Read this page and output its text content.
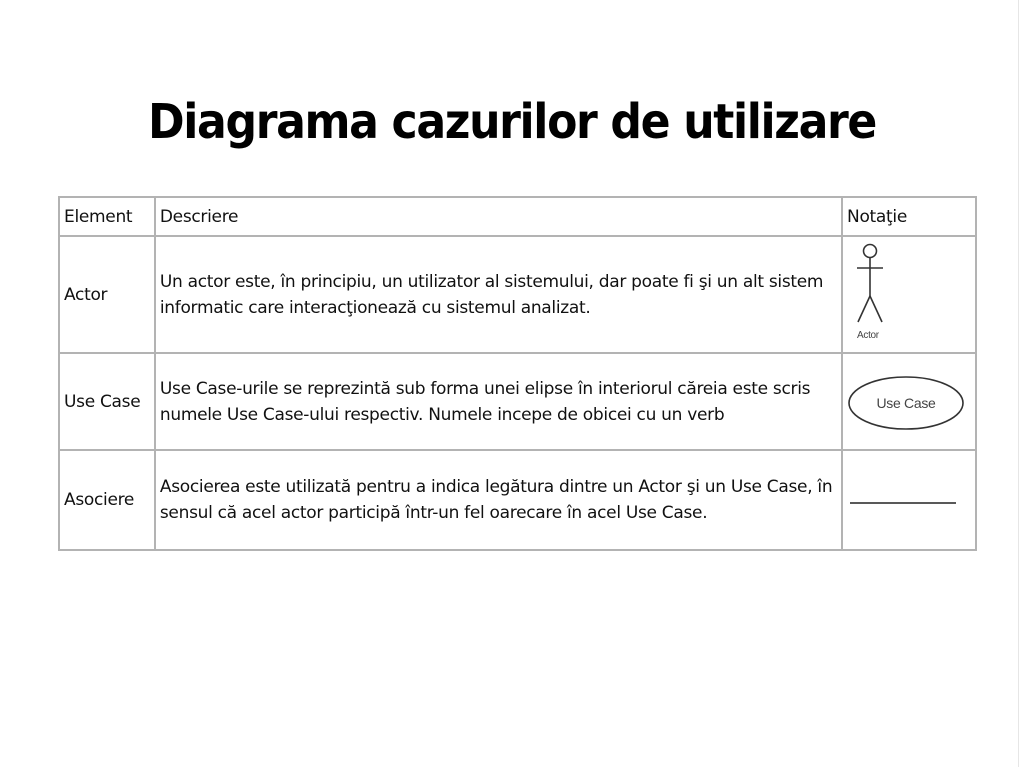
Diagrama cazurilor de utilizare
Element	Descriere	Notaţie
Actor	Un actor este, în principiu, un utilizator al sistemului, dar poate fi şi un alt sistem informatic care interacţionează cu sistemul analizat.	Actor

Use Case	Use Case-urile se reprezintă sub forma unei elipse în interiorul căreia este scris numele Use Case-ului respectiv. Numele incepe de obicei cu un verb	Use Case

Asociere	Asocierea este utilizată pentru a indica legătura dintre un Actor şi un Use Case, în sensul că acel actor participă într-un fel oarecare în acel Use Case.	
